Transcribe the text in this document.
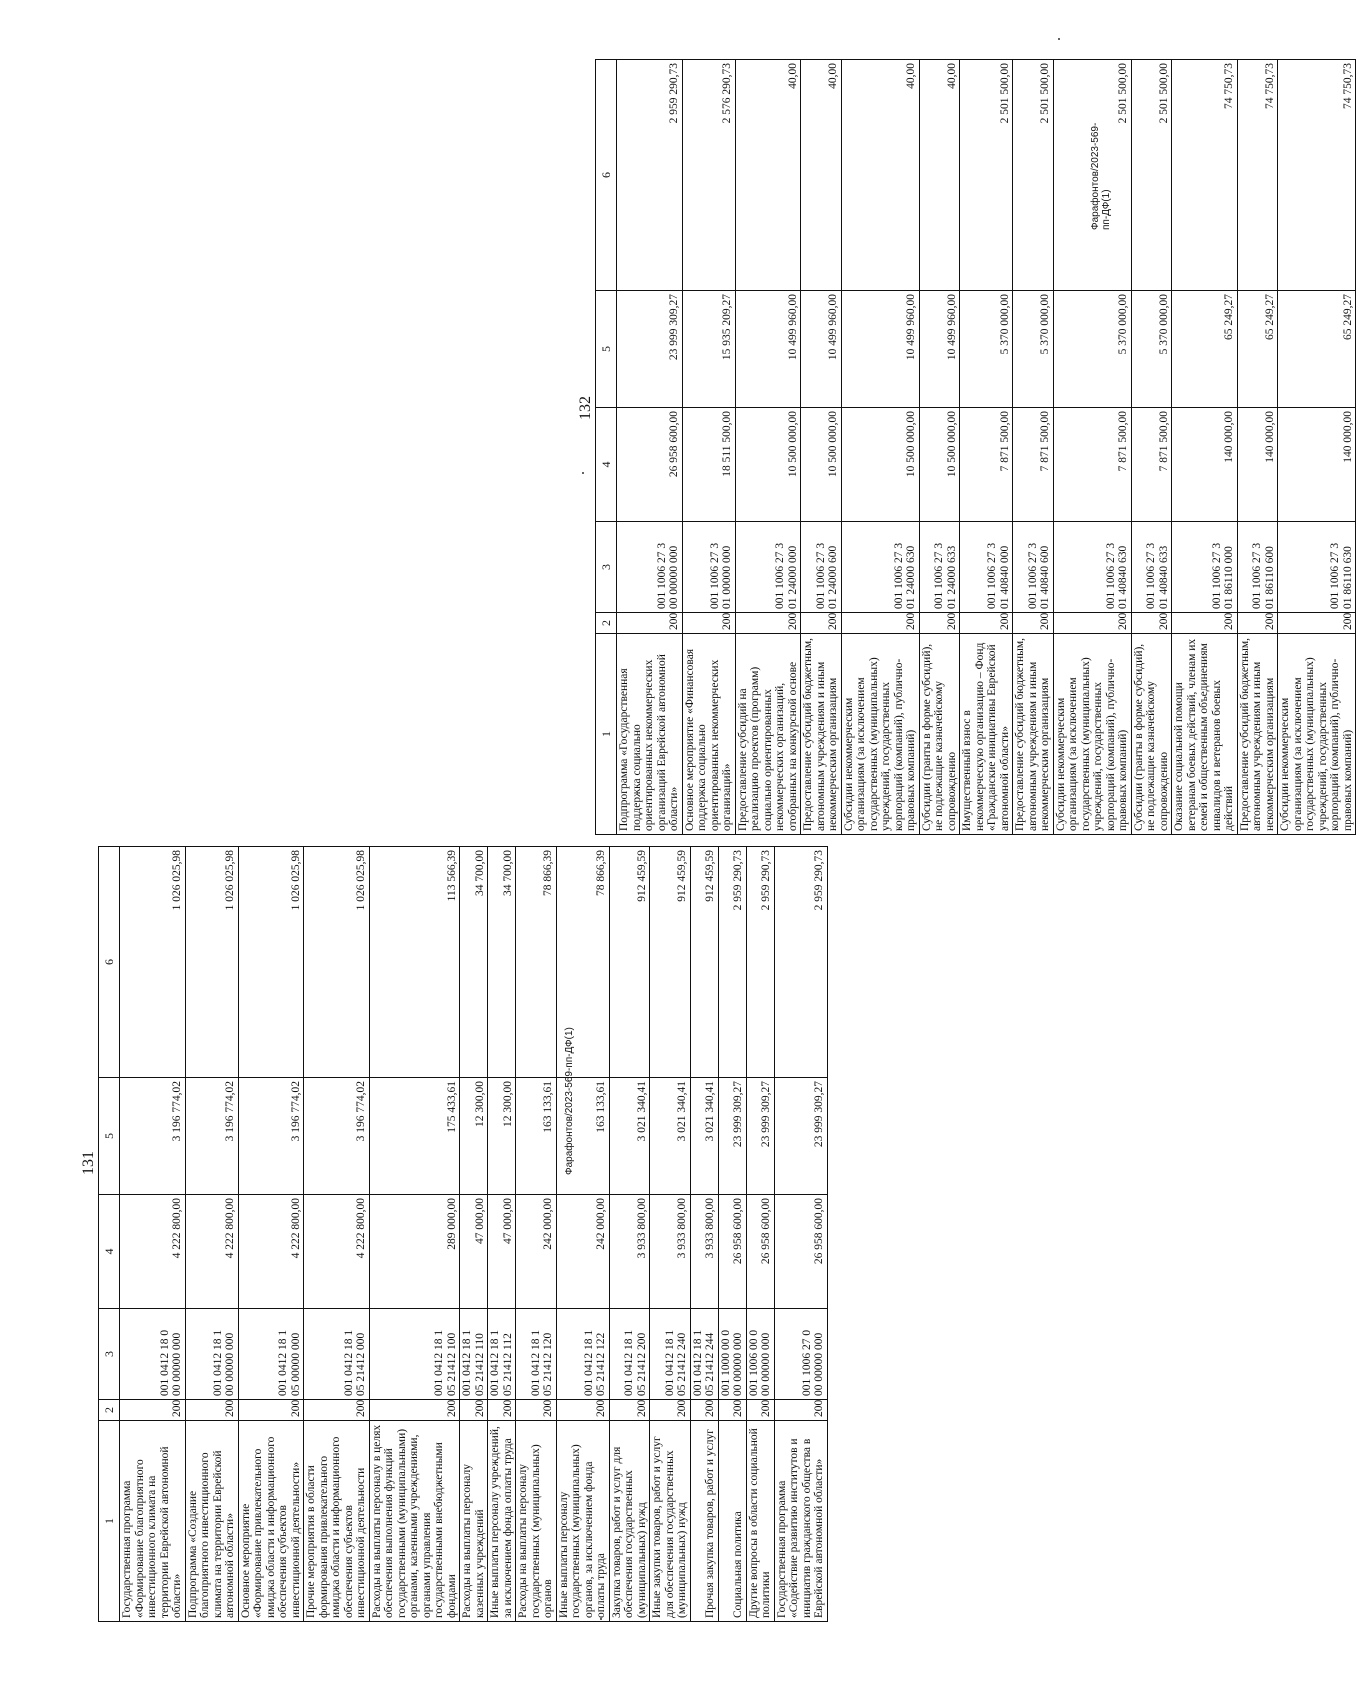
1	2	3	4	5	6
Государственная программа «Формирование благоприятного инвестиционного климата на территории Еврейской автономной области»	200	001 0412 18 0
00 00000 000	4 222 800,00	3 196 774,02	1 026 025,98
Подпрограмма «Создание благоприятного инвестиционного климата на территории Еврейской автономной области»	200	001 0412 18 1
00 00000 000	4 222 800,00	3 196 774,02	1 026 025,98
Основное мероприятие «Формирование привлекательного имиджа области и информационного обеспечения субъектов инвестиционной деятельности»	200	001 0412 18 1
05 00000 000	4 222 800,00	3 196 774,02	1 026 025,98
Прочие мероприятия в области формирования привлекательного имиджа области и информационного обеспечения субъектов инвестиционной деятельности	200	001 0412 18 1
05 21412 000	4 222 800,00	3 196 774,02	1 026 025,98
Расходы на выплаты персоналу в целях обеспечения выполнения функций государственными (муниципальными) органами, казенными учреждениями, органами управления государственными внебюджетными фондами	200	001 0412 18 1
05 21412 100	289 000,00	175 433,61	113 566,39
Расходы на выплаты персоналу казенных учреждений	200	001 0412 18 1
05 21412 110	47 000,00	12 300,00	34 700,00
Иные выплаты персоналу учреждений, за исключением фонда оплаты труда	200	001 0412 18 1
05 21412 112	47 000,00	12 300,00	34 700,00
Расходы на выплаты персоналу государственных (муниципальных) органов	200	001 0412 18 1
05 21412 120	242 000,00	163 133,61	78 866,39
Иные выплаты персоналу государственных (муниципальных) органов, за исключением фонда оплаты труда	200	001 0412 18 1
05 21412 122	242 000,00	163 133,61	78 866,39
Закупка товаров, работ и услуг для обеспечения государственных (муниципальных) нужд	200	001 0412 18 1
05 21412 200	3 933 800,00	3 021 340,41	912 459,59
Иные закупки товаров, работ и услуг для обеспечения государственных (муниципальных) нужд	200	001 0412 18 1
05 21412 240	3 933 800,00	3 021 340,41	912 459,59
Прочая закупка товаров, работ и услуг	200	001 0412 18 1
05 21412 244	3 933 800,00	3 021 340,41	912 459,59
Социальная политика	200	001 1000 00 0
00 00000 000	26 958 600,00	23 999 309,27	2 959 290,73
Другие вопросы в области социальной политики	200	001 1006 00 0
00 00000 000	26 958 600,00	23 999 309,27	2 959 290,73
Государственная программа «Содействие развитию институтов и инициатив гражданского общества в Еврейской автономной области»	200	001 1006 27 0
00 00000 000	26 958 600,00	23 999 309,27	2 959 290,73
131	Фарафонтов/2023-569-пп-ДФ(1)
1	2	3	4	5	6
Подпрограмма «Государственная поддержка социально ориентированных некоммерческих организаций Еврейской автономной области»	200	001 1006 27 3
00 00000 000	26 958 600,00	23 999 309,27	2 959 290,73
Основное мероприятие «Финансовая поддержка социально ориентированных некоммерческих организаций»	200	001 1006 27 3
01 00000 000	18 511 500,00	15 935 209,27	2 576 290,73
Предоставление субсидий на реализацию проектов (программ) социально ориентированных некоммерческих организаций, отобранных на конкурсной основе	200	001 1006 27 3
01 24000 000	10 500 000,00	10 499 960,00	40,00
Предоставление субсидий бюджетным, автономным учреждениям и иным некоммерческим организациям	200	001 1006 27 3
01 24000 600	10 500 000,00	10 499 960,00	40,00
Субсидии некоммерческим организациям (за исключением государственных (муниципальных) учреждений, государственных корпораций (компаний), публично-правовых компаний)	200	001 1006 27 3
01 24000 630	10 500 000,00	10 499 960,00	40,00
Субсидии (гранты в форме субсидий), не подлежащие казначейскому сопровождению	200	001 1006 27 3
01 24000 633	10 500 000,00	10 499 960,00	40,00
Имущественный взнос в некоммерческую организацию – Фонд «Гражданские инициативы Еврейской автономной области»	200	001 1006 27 3
01 40840 000	7 871 500,00	5 370 000,00	2 501 500,00
Предоставление субсидий бюджетным, автономным учреждениям и иным некоммерческим организациям	200	001 1006 27 3
01 40840 600	7 871 500,00	5 370 000,00	2 501 500,00
Субсидии некоммерческим организациям (за исключением государственных (муниципальных) учреждений, государственных корпораций (компаний), публично-правовых компаний)	200	001 1006 27 3
01 40840 630	7 871 500,00	5 370 000,00	2 501 500,00
Субсидии (гранты в форме субсидий), не подлежащие казначейскому сопровождению	200	001 1006 27 3
01 40840 633	7 871 500,00	5 370 000,00	2 501 500,00
Оказание социальной помощи ветеранам боевых действий, членам их семей и общественным объединениям инвалидов и ветеранов боевых действий	200	001 1006 27 3
01 86110 000	140 000,00	65 249,27	74 750,73
Предоставление субсидий бюджетным, автономным учреждениям и иным некоммерческим организациям	200	001 1006 27 3
01 86110 600	140 000,00	65 249,27	74 750,73
Субсидии некоммерческим организациям (за исключением государственных (муниципальных) учреждений, государственных корпораций (компаний), публично-правовых компаний)	200	001 1006 27 3
01 86110 630	140 000,00	65 249,27	74 750,73
132
Фарафонтов/2023-569-пп-ДФ(1)
